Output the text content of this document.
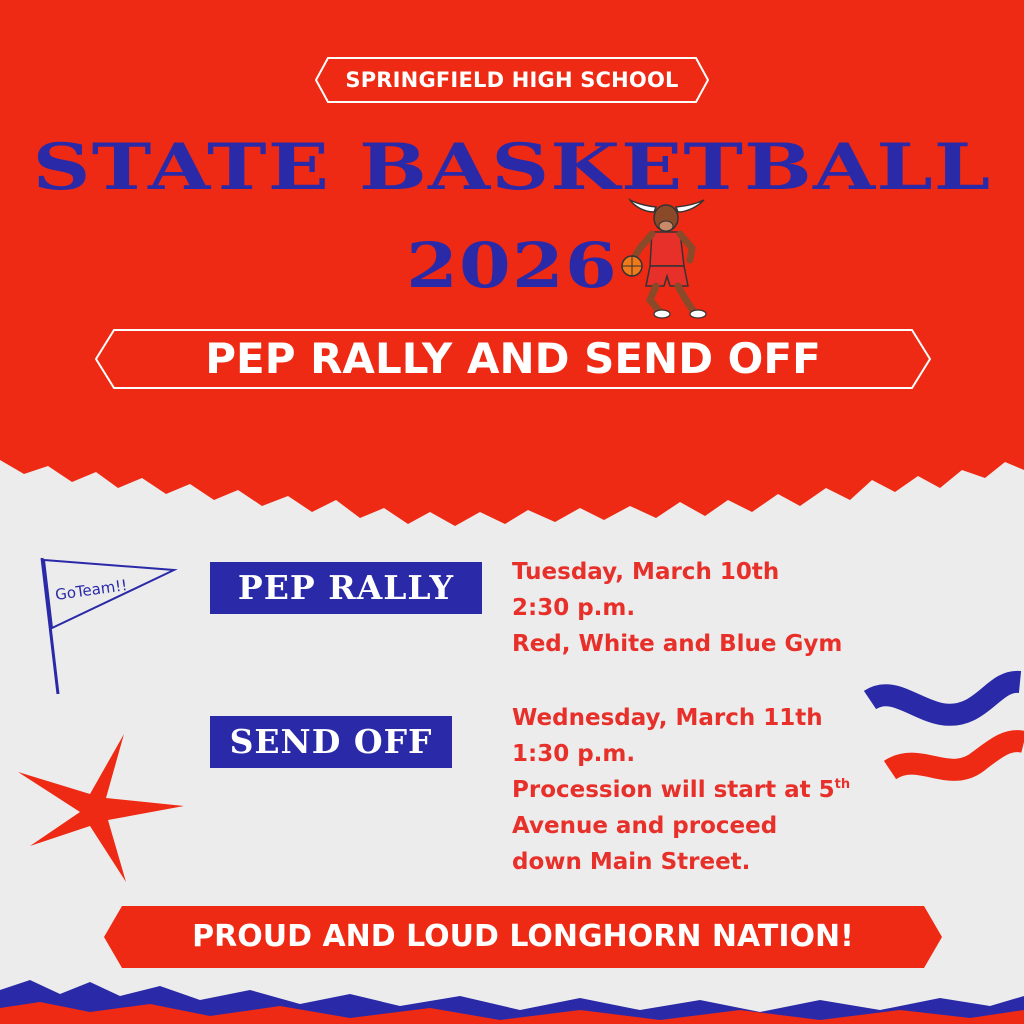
SPRINGFIELD HIGH SCHOOL
STATE BASKETBALL
2026
PEP RALLY AND SEND OFF
GoTeam!!	PEP RALLY	Tuesday, March 10th
2:30 p.m.
Red, White and Blue Gym
SEND OFF
Wednesday, March 11th
1:30 p.m.
Procession will start at 5th
Avenue and proceed
down Main Street.
PROUD AND LOUD LONGHORN NATION!
